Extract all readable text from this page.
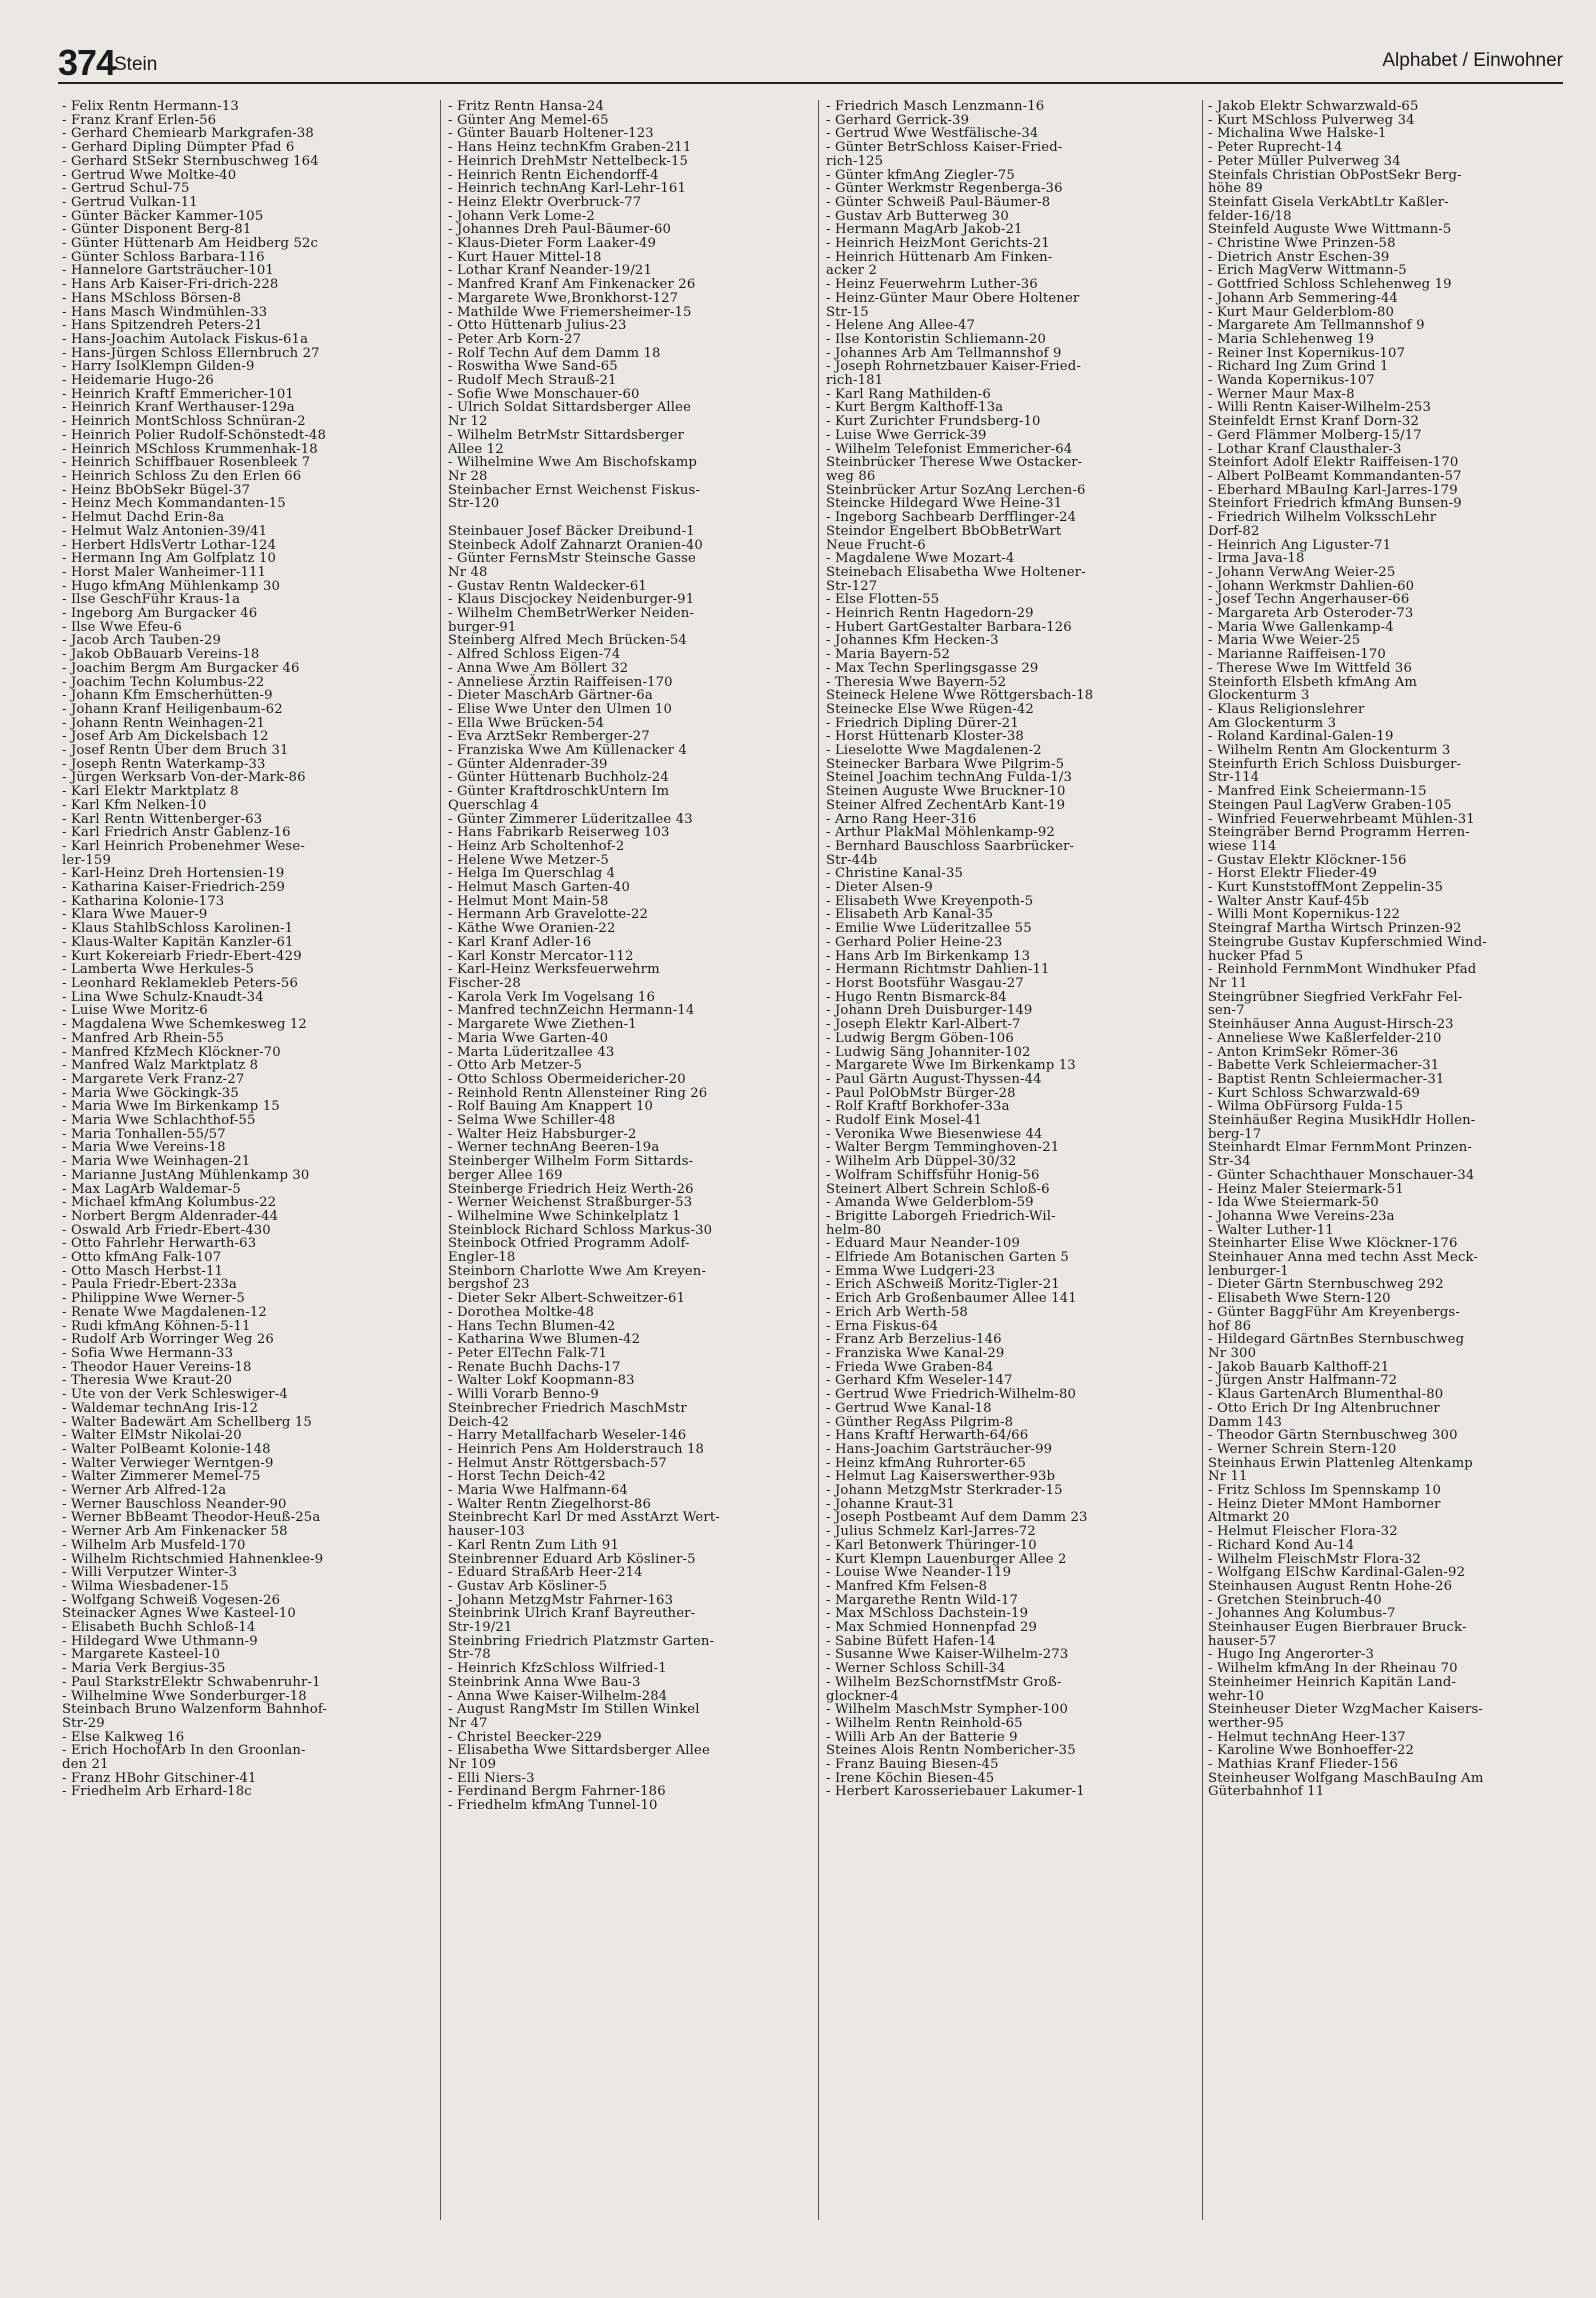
374
Stein	Alphabet / Einwohner
- Felix Rentn Hermann-13
- Franz Kranf Erlen-56
- Gerhard Chemiearb Markgrafen-38
- Gerhard Dipling Dümpter Pfad 6
- Gerhard StSekr Sternbuschweg 164
- Gertrud Wwe Moltke-40
- Gertrud Schul-75
- Gertrud Vulkan-11
- Günter Bäcker Kammer-105
- Günter Disponent Berg-81
- Günter Hüttenarb Am Heidberg 52c
- Günter Schloss Barbara-116
- Hannelore Gartsträucher-101
- Hans Arb Kaiser-Fri-drich-228
- Hans MSchloss Börsen-8
- Hans Masch Windmühlen-33
- Hans Spitzendreh Peters-21
- Hans-Joachim Autolack Fiskus-61a
- Hans-Jürgen Schloss Ellernbruch 27
- Harry IsolKlempn Gilden-9
- Heidemarie Hugo-26
- Heinrich Kraftf Emmericher-101
- Heinrich Kranf Werthauser-129a
- Heinrich MontSchloss Schnüran-2
- Heinrich Polier Rudolf-Schönstedt-48
- Heinrich MSchloss Krummenhak-18
- Heinrich Schiffbauer Rosenbleek 7
- Heinrich Schloss Zu den Erlen 66
- Heinz BbObSekr Bügel-37
- Heinz Mech Kommandanten-15
- Helmut Dachd Erin-8a
- Helmut Walz Antonien-39/41
- Herbert HdlsVertr Lothar-124
- Hermann Ing Am Golfplatz 10
- Horst Maler Wanheimer-111
- Hugo kfmAng Mühlenkamp 30
- Ilse GeschFühr Kraus-1a
- Ingeborg Am Burgacker 46
- Ilse Wwe Efeu-6
- Jacob Arch Tauben-29
- Jakob ObBauarb Vereins-18
- Joachim Bergm Am Burgacker 46
- Joachim Techn Kolumbus-22
- Johann Kfm Emscherhütten-9
- Johann Kranf Heiligenbaum-62
- Johann Rentn Weinhagen-21
- Josef Arb Am Dickelsbach 12
- Josef Rentn Über dem Bruch 31
- Joseph Rentn Waterkamp-33
- Jürgen Werksarb Von-der-Mark-86
- Karl Elektr Marktplatz 8
- Karl Kfm Nelken-10
- Karl Rentn Wittenberger-63
- Karl Friedrich Anstr Gablenz-16
- Karl Heinrich Probenehmer Wese-
ler-159
- Karl-Heinz Dreh Hortensien-19
- Katharina Kaiser-Friedrich-259
- Katharina Kolonie-173
- Klara Wwe Mauer-9
- Klaus StahlbSchloss Karolinen-1
- Klaus-Walter Kapitän Kanzler-61
- Kurt Kokereiarb Friedr-Ebert-429
- Lamberta Wwe Herkules-5
- Leonhard Reklamekleb Peters-56
- Lina Wwe Schulz-Knaudt-34
- Luise Wwe Moritz-6
- Magdalena Wwe Schemkesweg 12
- Manfred Arb Rhein-55
- Manfred KfzMech Klöckner-70
- Manfred Walz Marktplatz 8
- Margarete Verk Franz-27
- Maria Wwe Göckingk-35
- Maria Wwe Im Birkenkamp 15
- Maria Wwe Schlachthof-55
- Maria Tonhallen-55/57
- Maria Wwe Vereins-18
- Maria Wwe Weinhagen-21
- Marianne JustAng Mühlenkamp 30
- Max LagArb Waldemar-5
- Michael kfmAng Kolumbus-22
- Norbert Bergm Aldenrader-44
- Oswald Arb Friedr-Ebert-430
- Otto Fahrlehr Herwarth-63
- Otto kfmAng Falk-107
- Otto Masch Herbst-11
- Paula Friedr-Ebert-233a
- Philippine Wwe Werner-5
- Renate Wwe Magdalenen-12
- Rudi kfmAng Köhnen-5-11
- Rudolf Arb Worringer Weg 26
- Sofia Wwe Hermann-33
- Theodor Hauer Vereins-18
- Theresia Wwe Kraut-20
- Ute von der Verk Schleswiger-4
- Waldemar technAng Iris-12
- Walter Badewärt Am Schellberg 15
- Walter ElMstr Nikolai-20
- Walter PolBeamt Kolonie-148
- Walter Verwieger Werntgen-9
- Walter Zimmerer Memel-75
- Werner Arb Alfred-12a
- Werner Bauschloss Neander-90
- Werner BbBeamt Theodor-Heuß-25a
- Werner Arb Am Finkenacker 58
- Wilhelm Arb Musfeld-170
- Wilhelm Richtschmied Hahnenklee-9
- Willi Verputzer Winter-3
- Wilma Wiesbadener-15
- Wolfgang Schweiß Vogesen-26
Steinacker Agnes Wwe Kasteel-10
- Elisabeth Buchh Schloß-14
- Hildegard Wwe Uthmann-9
- Margarete Kasteel-10
- Maria Verk Bergius-35
- Paul StarkstrElektr Schwabenruhr-1
- Wilhelmine Wwe Sonderburger-18
Steinbach Bruno Walzenform Bahnhof-
Str-29
- Else Kalkweg 16
- Erich HochofArb In den Groonlan-
den 21
- Franz HBohr Gitschiner-41
- Friedhelm Arb Erhard-18c
- Fritz Rentn Hansa-24
- Günter Ang Memel-65
- Günter Bauarb Holtener-123
- Hans Heinz technKfm Graben-211
- Heinrich DrehMstr Nettelbeck-15
- Heinrich Rentn Eichendorff-4
- Heinrich technAng Karl-Lehr-161
- Heinz Elektr Overbruck-77
- Johann Verk Lome-2
- Johannes Dreh Paul-Bäumer-60
- Klaus-Dieter Form Laaker-49
- Kurt Hauer Mittel-18
- Lothar Kranf Neander-19/21
- Manfred Kranf Am Finkenacker 26
- Margarete Wwe,Bronkhorst-127
- Mathilde Wwe Friemersheimer-15
- Otto Hüttenarb Julius-23
- Peter Arb Korn-27
- Rolf Techn Auf dem Damm 18
- Roswitha Wwe Sand-65
- Rudolf Mech Strauß-21
- Sofie Wwe Monschauer-60
- Ulrich Soldat Sittardsberger Allee
Nr 12
- Wilhelm BetrMstr Sittardsberger
Allee 12
- Wilhelmine Wwe Am Bischofskamp
Nr 28
Steinbacher Ernst Weichenst Fiskus-
Str-120

Steinbauer Josef Bäcker Dreibund-1
Steinbeck Adolf Zahnarzt Oranien-40
- Günter FernsMstr Steinsche Gasse
Nr 48
- Gustav Rentn Waldecker-61
- Klaus Discjockey Neidenburger-91
- Wilhelm ChemBetrWerker Neiden-
burger-91
Steinberg Alfred Mech Brücken-54
- Alfred Schloss Eigen-74
- Anna Wwe Am Böllert 32
- Anneliese Ärztin Raiffeisen-170
- Dieter MaschArb Gärtner-6a
- Elise Wwe Unter den Ulmen 10
- Ella Wwe Brücken-54
- Eva ArztSekr Remberger-27
- Franziska Wwe Am Küllenacker 4
- Günter Aldenrader-39
- Günter Hüttenarb Buchholz-24
- Günter KraftdroschkUntern Im
Querschlag 4
- Günter Zimmerer Lüderitzallee 43
- Hans Fabrikarb Reiserweg 103
- Heinz Arb Scholtenhof-2
- Helene Wwe Metzer-5
- Helga Im Querschlag 4
- Helmut Masch Garten-40
- Helmut Mont Main-58
- Hermann Arb Gravelotte-22
- Käthe Wwe Oranien-22
- Karl Kranf Adler-16
- Karl Konstr Mercator-112
- Karl-Heinz Werksfeuerwehrm
Fischer-28
- Karola Verk Im Vogelsang 16
- Manfred technZeichn Hermann-14
- Margarete Wwe Ziethen-1
- Maria Wwe Garten-40
- Marta Lüderitzallee 43
- Otto Arb Metzer-5
- Otto Schloss Obermeidericher-20
- Reinhold Rentn Allensteiner Ring 26
- Rolf Bauing Am Knappert 10
- Selma Wwe Schiller-48
- Walter Heiz Habsburger-2
- Werner technAng Beeren-19a
Steinberger Wilhelm Form Sittards-
berger Allee 169
Steinberge Friedrich Heiz Werth-26
- Werner Weichenst Straßburger-53
- Wilhelmine Wwe Schinkelplatz 1
Steinblock Richard Schloss Markus-30
Steinbock Otfried Programm Adolf-
Engler-18
Steinborn Charlotte Wwe Am Kreyen-
bergshof 23
- Dieter Sekr Albert-Schweitzer-61
- Dorothea Moltke-48
- Hans Techn Blumen-42
- Katharina Wwe Blumen-42
- Peter ElTechn Falk-71
- Renate Buchh Dachs-17
- Walter Lokf Koopmann-83
- Willi Vorarb Benno-9
Steinbrecher Friedrich MaschMstr
Deich-42
- Harry Metallfacharb Weseler-146
- Heinrich Pens Am Holderstrauch 18
- Helmut Anstr Röttgersbach-57
- Horst Techn Deich-42
- Maria Wwe Halfmann-64
- Walter Rentn Ziegelhorst-86
Steinbrecht Karl Dr med AsstArzt Wert-
hauser-103
- Karl Rentn Zum Lith 91
Steinbrenner Eduard Arb Kösliner-5
- Eduard StraßArb Heer-214
- Gustav Arb Kösliner-5
- Johann MetzgMstr Fahrner-163
Steinbrink Ulrich Kranf Bayreuther-
Str-19/21
Steinbring Friedrich Platzmstr Garten-
Str-78
- Heinrich KfzSchloss Wilfried-1
Steinbrink Anna Wwe Bau-3
- Anna Wwe Kaiser-Wilhelm-284
- August RangMstr Im Stillen Winkel
Nr 47
- Christel Beecker-229
- Elisabetha Wwe Sittardsberger Allee
Nr 109
- Elli Niers-3
- Ferdinand Bergm Fahrner-186
- Friedhelm kfmAng Tunnel-10
- Friedrich Masch Lenzmann-16
- Gerhard Gerrick-39
- Gertrud Wwe Westfälische-34
- Günter BetrSchloss Kaiser-Fried-
rich-125
- Günter kfmAng Ziegler-75
- Günter Werkmstr Regenberga-36
- Günter Schweiß Paul-Bäumer-8
- Gustav Arb Butterweg 30
- Hermann MagArb Jakob-21
- Heinrich HeizMont Gerichts-21
- Heinrich Hüttenarb Am Finken-
acker 2
- Heinz Feuerwehrm Luther-36
- Heinz-Günter Maur Obere Holtener
Str-15
- Helene Ang Allee-47
- Ilse Kontoristin Schliemann-20
- Johannes Arb Am Tellmannshof 9
- Joseph Rohrnetzbauer Kaiser-Fried-
rich-181
- Karl Rang Mathilden-6
- Kurt Bergm Kalthoff-13a
- Kurt Zurichter Frundsberg-10
- Luise Wwe Gerrick-39
- Wilhelm Telefonist Emmericher-64
Steinbrücker Therese Wwe Ostacker-
weg 86
Steinbrücker Artur SozAng Lerchen-6
Steincke Hildegard Wwe Heine-31
- Ingeborg Sachbearb Derfflinger-24
Steindor Engelbert BbObBetrWart
Neue Frucht-6
- Magdalene Wwe Mozart-4
Steinebach Elisabetha Wwe Holtener-
Str-127
- Else Flotten-55
- Heinrich Rentn Hagedorn-29
- Hubert GartGestalter Barbara-126
- Johannes Kfm Hecken-3
- Maria Bayern-52
- Max Techn Sperlingsgasse 29
- Theresia Wwe Bayern-52
Steineck Helene Wwe Röttgersbach-18
Steinecke Else Wwe Rügen-42
- Friedrich Dipling Dürer-21
- Horst Hüttenarb Kloster-38
- Lieselotte Wwe Magdalenen-2
Steinecker Barbara Wwe Pilgrim-5
Steinel Joachim technAng Fulda-1/3
Steinen Auguste Wwe Bruckner-10
Steiner Alfred ZechentArb Kant-19
- Arno Rang Heer-316
- Arthur PlakMal Möhlenkamp-92
- Bernhard Bauschloss Saarbrücker-
Str-44b
- Christine Kanal-35
- Dieter Alsen-9
- Elisabeth Wwe Kreyenpoth-5
- Elisabeth Arb Kanal-35
- Emilie Wwe Lüderitzallee 55
- Gerhard Polier Heine-23
- Hans Arb Im Birkenkamp 13
- Hermann Richtmstr Dahlien-11
- Horst Bootsführ Wasgau-27
- Hugo Rentn Bismarck-84
- Johann Dreh Duisburger-149
- Joseph Elektr Karl-Albert-7
- Ludwig Bergm Göben-106
- Ludwig Säng Johanniter-102
- Margarete Wwe Im Birkenkamp 13
- Paul Gärtn August-Thyssen-44
- Paul PolObMstr Bürger-28
- Rolf Kraftf Borkhofer-33a
- Rudolf Eink Mosel-41
- Veronika Wwe Biesenwiese 44
- Walter Bergm Temminghoven-21
- Wilhelm Arb Düppel-30/32
- Wolfram Schiffsführ Honig-56
Steinert Albert Schrein Schloß-6
- Amanda Wwe Gelderblom-59
- Brigitte Laborgeh Friedrich-Wil-
helm-80
- Eduard Maur Neander-109
- Elfriede Am Botanischen Garten 5
- Emma Wwe Ludgeri-23
- Erich ASchweiß Moritz-Tigler-21
- Erich Arb Großenbaumer Allee 141
- Erich Arb Werth-58
- Erna Fiskus-64
- Franz Arb Berzelius-146
- Franziska Wwe Kanal-29
- Frieda Wwe Graben-84
- Gerhard Kfm Weseler-147
- Gertrud Wwe Friedrich-Wilhelm-80
- Gertrud Wwe Kanal-18
- Günther RegAss Pilgrim-8
- Hans Kraftf Herwarth-64/66
- Hans-Joachim Gartsträucher-99
- Heinz kfmAng Ruhrorter-65
- Helmut Lag Kaiserswerther-93b
- Johann MetzgMstr Sterkrader-15
- Johanne Kraut-31
- Joseph Postbeamt Auf dem Damm 23
- Julius Schmelz Karl-Jarres-72
- Karl Betonwerk Thüringer-10
- Kurt Klempn Lauenburger Allee 2
- Louise Wwe Neander-119
- Manfred Kfm Felsen-8
- Margarethe Rentn Wild-17
- Max MSchloss Dachstein-19
- Max Schmied Honnenpfad 29
- Sabine Büfett Hafen-14
- Susanne Wwe Kaiser-Wilhelm-273
- Werner Schloss Schill-34
- Wilhelm BezSchornstfMstr Groß-
glockner-4
- Wilhelm MaschMstr Sympher-100
- Wilhelm Rentn Reinhold-65
- Willi Arb An der Batterie 9
Steines Alois Rentn Nombericher-35
- Franz Bauing Biesen-45
- Irene Köchin Biesen-45
- Herbert Karosseriebauer Lakumer-1
- Jakob Elektr Schwarzwald-65
- Kurt MSchloss Pulverweg 34
- Michalina Wwe Halske-1
- Peter Ruprecht-14
- Peter Müller Pulverweg 34
Steinfals Christian ObPostSekr Berg-
höhe 89
Steinfatt Gisela VerkAbtLtr Kaßler-
felder-16/18
Steinfeld Auguste Wwe Wittmann-5
- Christine Wwe Prinzen-58
- Dietrich Anstr Eschen-39
- Erich MagVerw Wittmann-5
- Gottfried Schloss Schlehenweg 19
- Johann Arb Semmering-44
- Kurt Maur Gelderblom-80
- Margarete Am Tellmannshof 9
- Maria Schlehenweg 19
- Reiner Inst Kopernikus-107
- Richard Ing Zum Grind 1
- Wanda Kopernikus-107
- Werner Maur Max-8
- Willi Rentn Kaiser-Wilhelm-253
Steinfeldt Ernst Kranf Dorn-32
- Gerd Flämmer Molberg-15/17
- Lothar Kranf Clausthaler-3
Steinfort Adolf Elektr Raiffeisen-170
- Albert PolBeamt Kommandanten-57
- Eberhard MBauIng Karl-Jarres-179
Steinfort Friedrich kfmAng Bunsen-9
- Friedrich Wilhelm VolksschLehr
Dorf-82
- Heinrich Ang Liguster-71
- Irma Java-18
- Johann VerwAng Weier-25
- Johann Werkmstr Dahlien-60
- Josef Techn Angerhauser-66
- Margareta Arb Osteroder-73
- Maria Wwe Gallenkamp-4
- Maria Wwe Weier-25
- Marianne Raiffeisen-170
- Therese Wwe Im Wittfeld 36
Steinforth Elsbeth kfmAng Am
Glockenturm 3
- Klaus Religionslehrer
Am Glockenturm 3
- Roland Kardinal-Galen-19
- Wilhelm Rentn Am Glockenturm 3
Steinfurth Erich Schloss Duisburger-
Str-114
- Manfred Eink Scheiermann-15
Steingen Paul LagVerw Graben-105
- Winfried Feuerwehrbeamt Mühlen-31
Steingräber Bernd Programm Herren-
wiese 114
- Gustav Elektr Klöckner-156
- Horst Elektr Flieder-49
- Kurt KunststoffMont Zeppelin-35
- Walter Anstr Kauf-45b
- Willi Mont Kopernikus-122
Steingraf Martha Wirtsch Prinzen-92
Steingrube Gustav Kupferschmied Wind-
hucker Pfad 5
- Reinhold FernmMont Windhuker Pfad
Nr 11
Steingrübner Siegfried VerkFahr Fel-
sen-7
Steinhäuser Anna August-Hirsch-23
- Anneliese Wwe Kaßlerfelder-210
- Anton KrimSekr Römer-36
- Babette Verk Schleiermacher-31
- Baptist Rentn Schleiermacher-31
- Kurt Schloss Schwarzwald-69
- Wilma ObFürsorg Fulda-15
Steinhäußer Regina MusikHdlr Hollen-
berg-17
Steinhardt Elmar FernmMont Prinzen-
Str-34
- Günter Schachthauer Monschauer-34
- Heinz Maler Steiermark-51
- Ida Wwe Steiermark-50
- Johanna Wwe Vereins-23a
- Walter Luther-11
Steinharter Elise Wwe Klöckner-176
Steinhauer Anna med techn Asst Meck-
lenburger-1
- Dieter Gärtn Sternbuschweg 292
- Elisabeth Wwe Stern-120
- Günter BaggFühr Am Kreyenbergs-
hof 86
- Hildegard GärtnBes Sternbuschweg
Nr 300
- Jakob Bauarb Kalthoff-21
- Jürgen Anstr Halfmann-72
- Klaus GartenArch Blumenthal-80
- Otto Erich Dr Ing Altenbruchner
Damm 143
- Theodor Gärtn Sternbuschweg 300
- Werner Schrein Stern-120
Steinhaus Erwin Plattenleg Altenkamp
Nr 11
- Fritz Schloss Im Spennskamp 10
- Heinz Dieter MMont Hamborner
Altmarkt 20
- Helmut Fleischer Flora-32
- Richard Kond Au-14
- Wilhelm FleischMstr Flora-32
- Wolfgang ElSchw Kardinal-Galen-92
Steinhausen August Rentn Hohe-26
- Gretchen Steinbruch-40
- Johannes Ang Kolumbus-7
Steinhauser Eugen Bierbrauer Bruck-
hauser-57
- Hugo Ing Angerorter-3
- Wilhelm kfmAng In der Rheinau 70
Steinheimer Heinrich Kapitän Land-
wehr-10
Steinheuser Dieter WzgMacher Kaisers-
werther-95
- Helmut technAng Heer-137
- Karoline Wwe Bonhoeffer-22
- Mathias Kranf Flieder-156
Steinheuser Wolfgang MaschBauIng Am
Güterbahnhof 11
